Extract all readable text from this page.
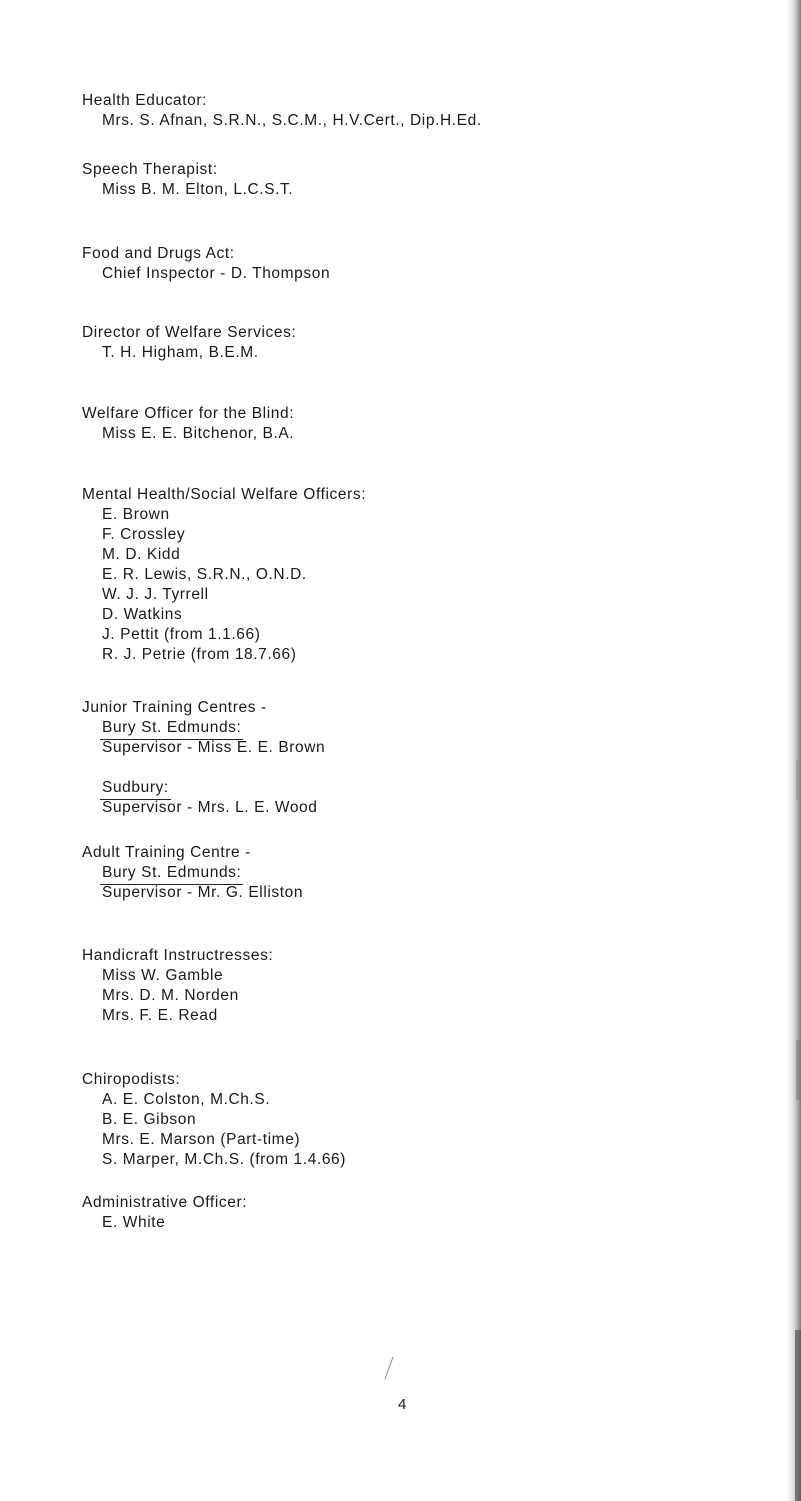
Health Educator:
Mrs. S. Afnan, S.R.N., S.C.M., H.V.Cert., Dip.H.Ed.
Speech Therapist:
Miss B. M. Elton, L.C.S.T.
Food and Drugs Act:
Chief Inspector - D. Thompson
Director of Welfare Services:
T. H. Higham, B.E.M.
Welfare Officer for the Blind:
Miss E. E. Bitchenor, B.A.
Mental Health/Social Welfare Officers:
E. Brown
F. Crossley
M. D. Kidd
E. R. Lewis, S.R.N., O.N.D.
W. J. J. Tyrrell
D. Watkins
J. Pettit (from 1.1.66)
R. J. Petrie (from 18.7.66)
Junior Training Centres -
Bury St. Edmunds:
Supervisor - Miss E. E. Brown
Sudbury:
Supervisor - Mrs. L. E. Wood
Adult Training Centre -
Bury St. Edmunds:
Supervisor - Mr. G. Elliston
Handicraft Instructresses:
Miss W. Gamble
Mrs. D. M. Norden
Mrs. F. E. Read
Chiropodists:
A. E. Colston, M.Ch.S.
B. E. Gibson
Mrs. E. Marson (Part-time)
S. Marper, M.Ch.S. (from 1.4.66)
Administrative Officer:
E. White
4
